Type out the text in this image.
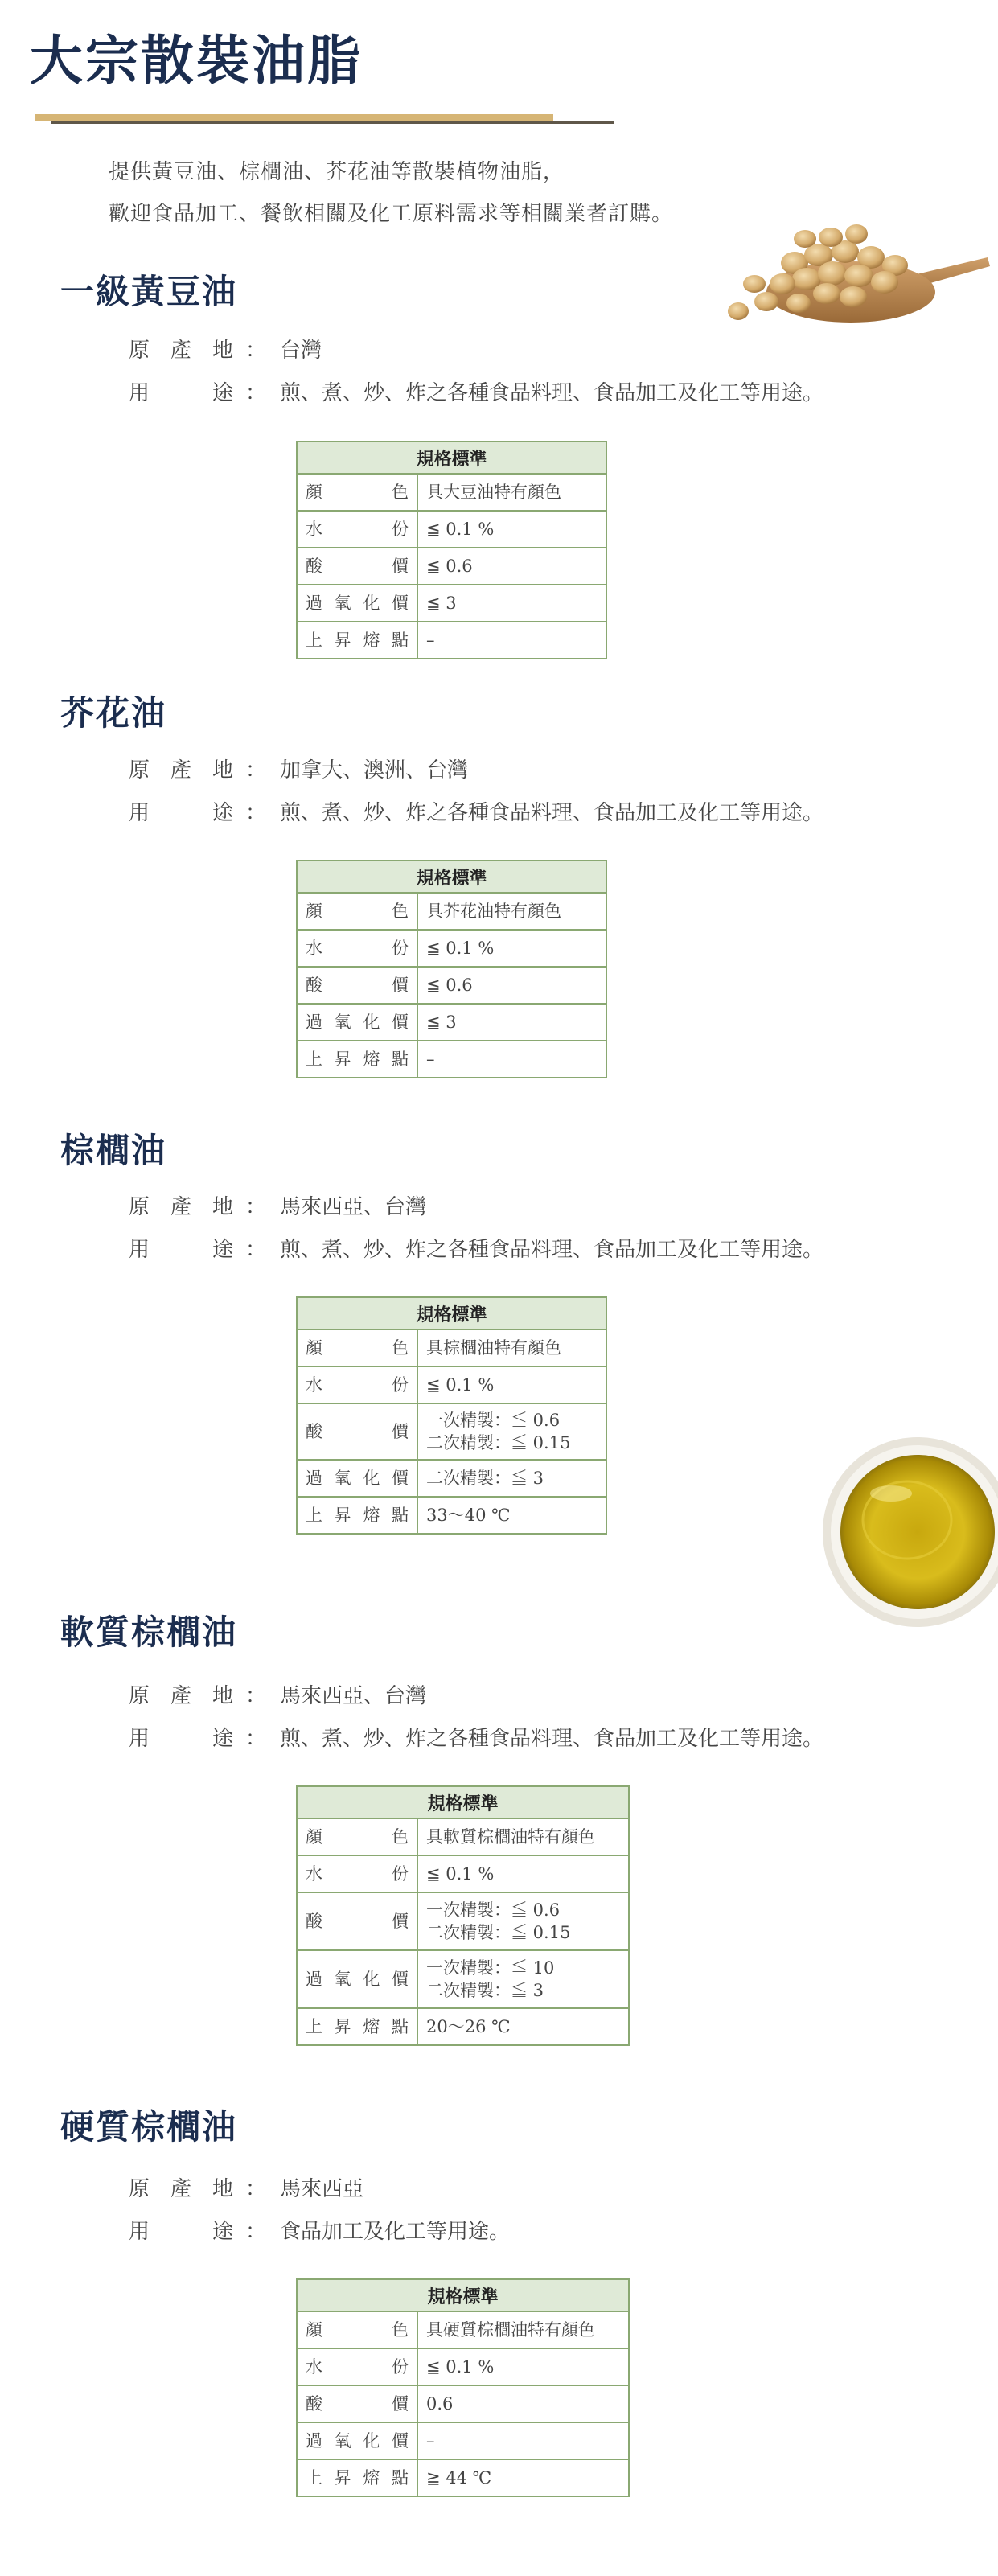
大宗散裝油脂
提供黃豆油、棕櫚油、芥花油等散裝植物油脂，
歡迎食品加工、餐飲相關及化工原料需求等相關業者訂購。
一級黃豆油
原產地 ： 台灣
用途 ： 煎、煮、炒、炸之各種食品料理、食品加工及化工等用途。
規格標準	

顏色	具大豆油特有顏色

水份	≦ 0.1 %

酸價	≦ 0.6

過氧化價	≦ 3

上昇熔點	–
芥花油
原產地 ： 加拿大、澳洲、台灣
用途 ： 煎、煮、炒、炸之各種食品料理、食品加工及化工等用途。
規格標準	

顏色	具芥花油特有顏色

水份	≦ 0.1 %

酸價	≦ 0.6

過氧化價	≦ 3

上昇熔點	–
棕櫚油
原產地 ： 馬來西亞、台灣
用途 ： 煎、煮、炒、炸之各種食品料理、食品加工及化工等用途。
規格標準	

顏色	具棕櫚油特有顏色

水份	≦ 0.1 %

酸價	一次精製：≦ 0.6
二次精製：≦ 0.15

過氧化價	二次精製：≦ 3

上昇熔點	33～40 ℃
軟質棕櫚油
原產地 ： 馬來西亞、台灣
用途 ： 煎、煮、炒、炸之各種食品料理、食品加工及化工等用途。
規格標準	

顏色	具軟質棕櫚油特有顏色

水份	≦ 0.1 %

酸價	一次精製：≦ 0.6
二次精製：≦ 0.15

過氧化價	一次精製：≦ 10
二次精製：≦ 3

上昇熔點	20～26 ℃
硬質棕櫚油
原產地 ： 馬來西亞
用途 ： 食品加工及化工等用途。
規格標準	

顏色	具硬質棕櫚油特有顏色

水份	≦ 0.1 %

酸價	0.6

過氧化價	–

上昇熔點	≧ 44 ℃
